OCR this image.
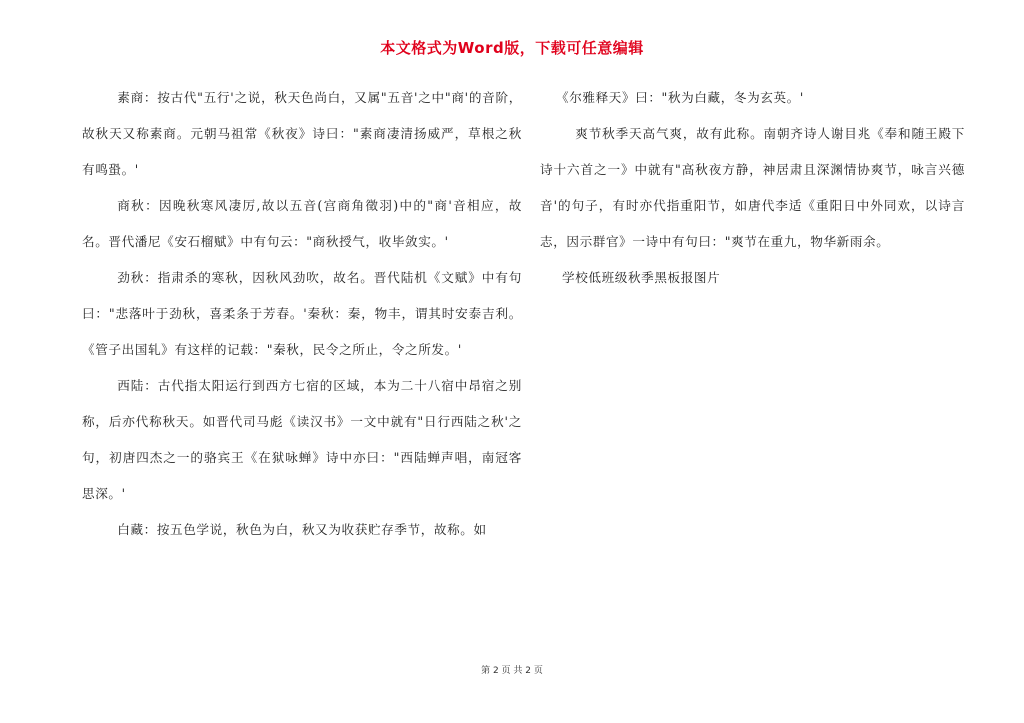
本文格式为Word版，下载可任意编辑

素商：按古代"五行'之说，秋天色尚白，又属"五音'之中"商'的音阶，故秋天又称素商。元朝马祖常《秋夜》诗曰："素商凄清扬威严，草根之秋有鸣蛩。'

商秋：因晚秋寒风凄厉,故以五音(宫商角徵羽)中的"商'音相应，故名。晋代潘尼《安石榴赋》中有句云："商秋授气，收毕敛实。'

劲秋：指肃杀的寒秋，因秋风劲吹，故名。晋代陆机《文赋》中有句曰："悲落叶于劲秋，喜柔条于芳春。'秦秋：秦，物丰，谓其时安泰吉利。《管子出国轧》有这样的记载："秦秋，民令之所止，令之所发。'

西陆：古代指太阳运行到西方七宿的区域，本为二十八宿中昂宿之别称，后亦代称秋天。如晋代司马彪《读汉书》一文中就有"日行西陆之秋'之句，初唐四杰之一的骆宾王《在狱咏蝉》诗中亦曰："西陆蝉声唱，南冠客思深。'

白藏：按五色学说，秋色为白，秋又为收获贮存季节，故称。如

《尔雅释天》曰："秋为白藏，冬为玄英。'

爽节秋季天高气爽，故有此称。南朝齐诗人谢目兆《奉和随王殿下诗十六首之一》中就有"高秋夜方静，神居肃且深渊情协爽节，咏言兴德音'的句子，有时亦代指重阳节，如唐代李适《重阳日中外同欢，以诗言志，因示群官》一诗中有句曰："爽节在重九，物华新雨余。

学校低班级秋季黑板报图片

第 2 页 共 2 页
